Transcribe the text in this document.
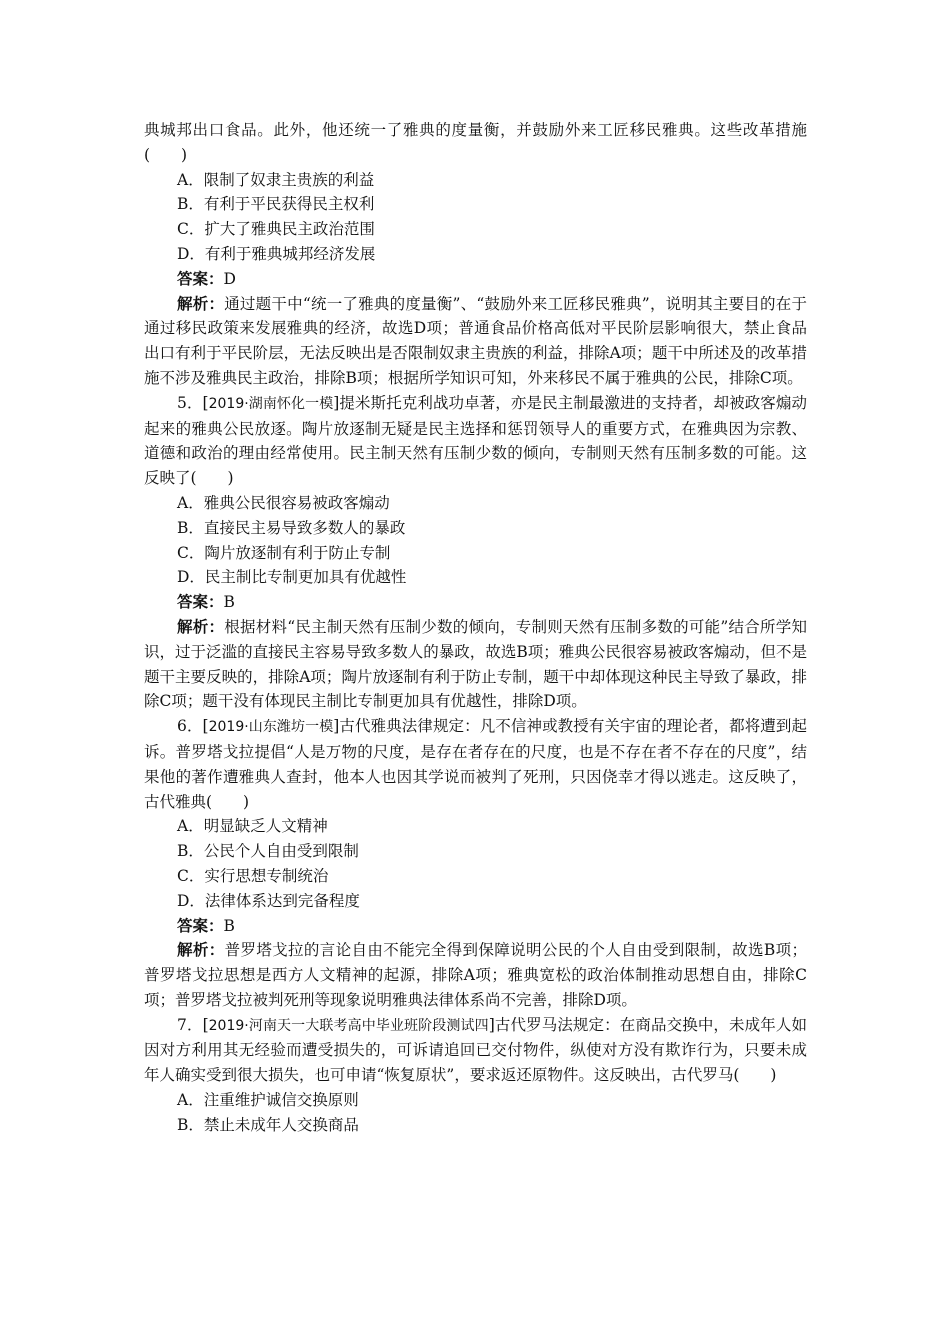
典城邦出口食品。此外，他还统一了雅典的度量衡，并鼓励外来工匠移民雅典。这些改革措施(　　)

A．限制了奴隶主贵族的利益

B．有利于平民获得民主权利

C．扩大了雅典民主政治范围

D．有利于雅典城邦经济发展

答案：D

解析：通过题干中“统一了雅典的度量衡”、“鼓励外来工匠移民雅典”，说明其主要目的在于通过移民政策来发展雅典的经济，故选D项；普通食品价格高低对平民阶层影响很大，禁止食品出口有利于平民阶层，无法反映出是否限制奴隶主贵族的利益，排除A项；题干中所述及的改革措施不涉及雅典民主政治，排除B项；根据所学知识可知，外来移民不属于雅典的公民，排除C项。

5．[2019·湖南怀化一模]提米斯托克利战功卓著，亦是民主制最激进的支持者，却被政客煽动起来的雅典公民放逐。陶片放逐制无疑是民主选择和惩罚领导人的重要方式，在雅典因为宗教、道德和政治的理由经常使用。民主制天然有压制少数的倾向，专制则天然有压制多数的可能。这反映了(　　)

A．雅典公民很容易被政客煽动

B．直接民主易导致多数人的暴政

C．陶片放逐制有利于防止专制

D．民主制比专制更加具有优越性

答案：B

解析：根据材料“民主制天然有压制少数的倾向，专制则天然有压制多数的可能”结合所学知识，过于泛滥的直接民主容易导致多数人的暴政，故选B项；雅典公民很容易被政客煽动，但不是题干主要反映的，排除A项；陶片放逐制有利于防止专制，题干中却体现这种民主导致了暴政，排除C项；题干没有体现民主制比专制更加具有优越性，排除D项。

6．[2019·山东潍坊一模]古代雅典法律规定：凡不信神或教授有关宇宙的理论者，都将遭到起诉。普罗塔戈拉提倡“人是万物的尺度，是存在者存在的尺度，也是不存在者不存在的尺度”，结果他的著作遭雅典人查封，他本人也因其学说而被判了死刑，只因侥幸才得以逃走。这反映了，古代雅典(　　)

A．明显缺乏人文精神

B．公民个人自由受到限制

C．实行思想专制统治

D．法律体系达到完备程度

答案：B

解析：普罗塔戈拉的言论自由不能完全得到保障说明公民的个人自由受到限制，故选B项；普罗塔戈拉思想是西方人文精神的起源，排除A项；雅典宽松的政治体制推动思想自由，排除C项；普罗塔戈拉被判死刑等现象说明雅典法律体系尚不完善，排除D项。

7．[2019·河南天一大联考高中毕业班阶段测试四]古代罗马法规定：在商品交换中，未成年人如因对方利用其无经验而遭受损失的，可诉请追回已交付物件，纵使对方没有欺诈行为，只要未成年人确实受到很大损失，也可申请“恢复原状”，要求返还原物件。这反映出，古代罗马(　　)

A．注重维护诚信交换原则

B．禁止未成年人交换商品
